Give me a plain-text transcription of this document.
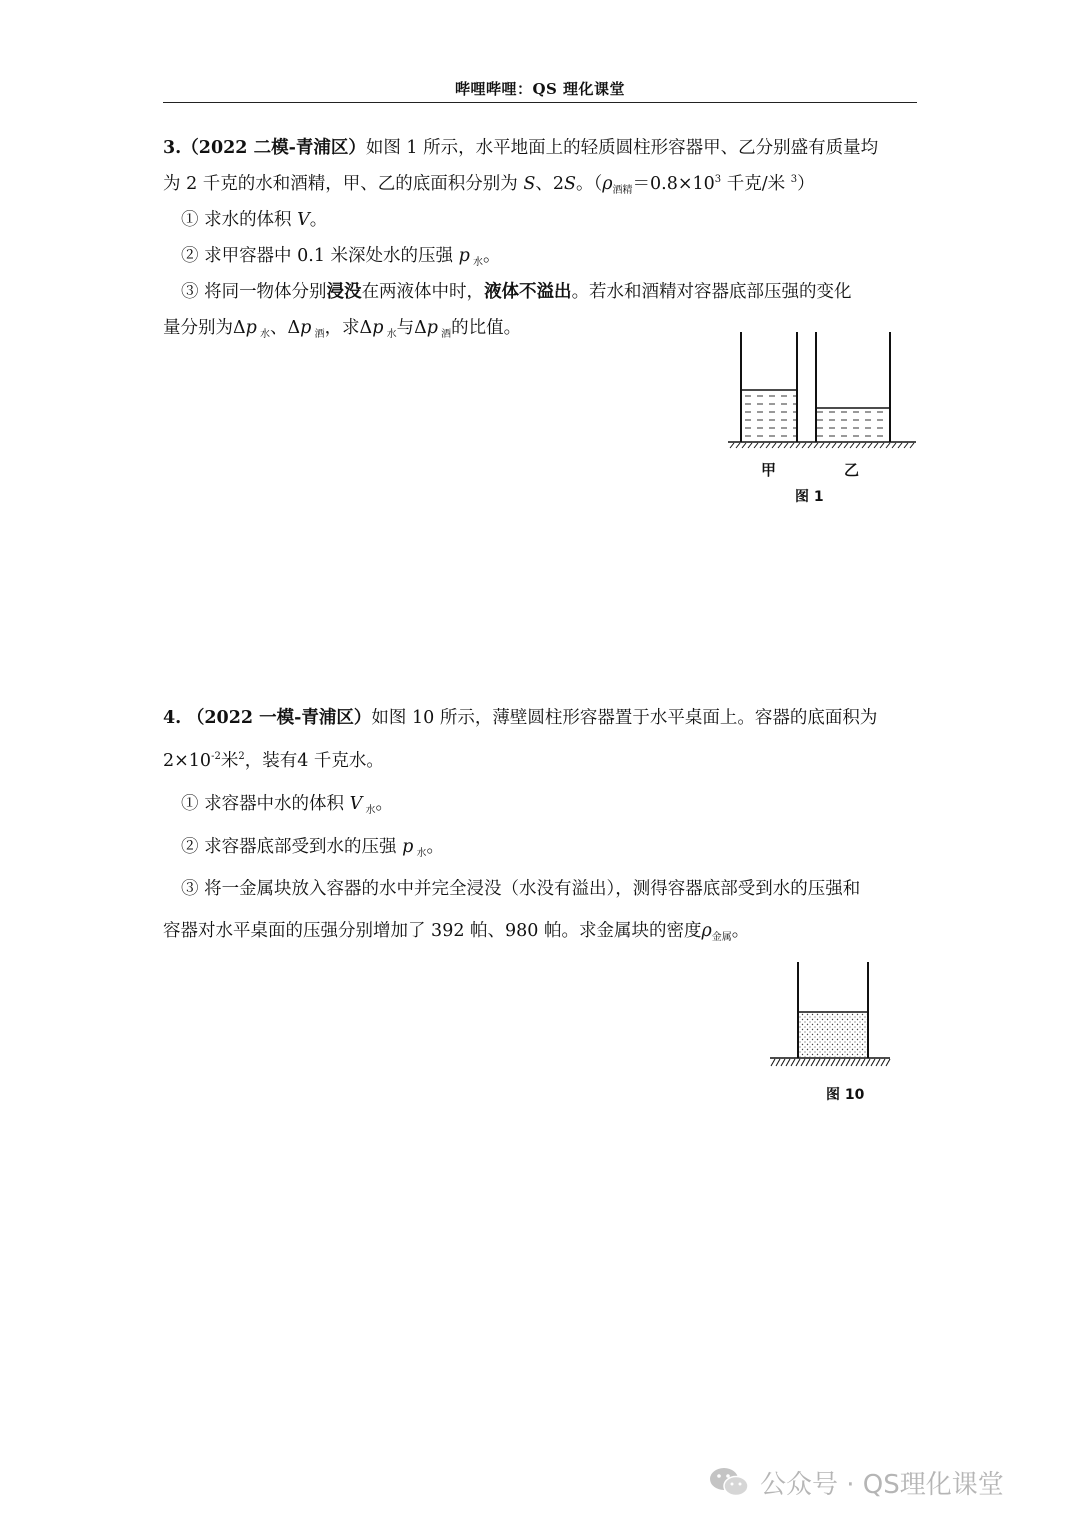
哔哩哔哩：QS 理化课堂
3.（2022 二模-青浦区）如图 1 所示，水平地面上的轻质圆柱形容器甲、乙分别盛有质量均
为 2 千克的水和酒精，甲、乙的底面积分别为 S、2S。（$\rho_{酒精}=0.8\times 10^3$ 千克/米 $^3$）
① 求水的体积 V。
② 求甲容器中 0.1 米深处水的压强 p $_水$。
③ 将同一物体分别浸没在两液体中时，液体不溢出。若水和酒精对容器底部压强的变化
量分别为Δp $_水$、Δp $_酒$，求Δp $_水$与Δp $_酒$的比值。
甲	乙
图 1
4. （2022 一模-青浦区）如图 10 所示，薄壁圆柱形容器置于水平桌面上。容器的底面积为
$2\times 10^{-2}$米$^2$，装有4 千克水。
① 求容器中水的体积 V $_水$。
② 求容器底部受到水的压强 p $_水$。
③ 将一金属块放入容器的水中并完全浸没（水没有溢出），测得容器底部受到水的压强和
容器对水平桌面的压强分别增加了 392 帕、980 帕。求金属块的密度$\rho_{金属}$。
图 10
公众号 · QS理化课堂
